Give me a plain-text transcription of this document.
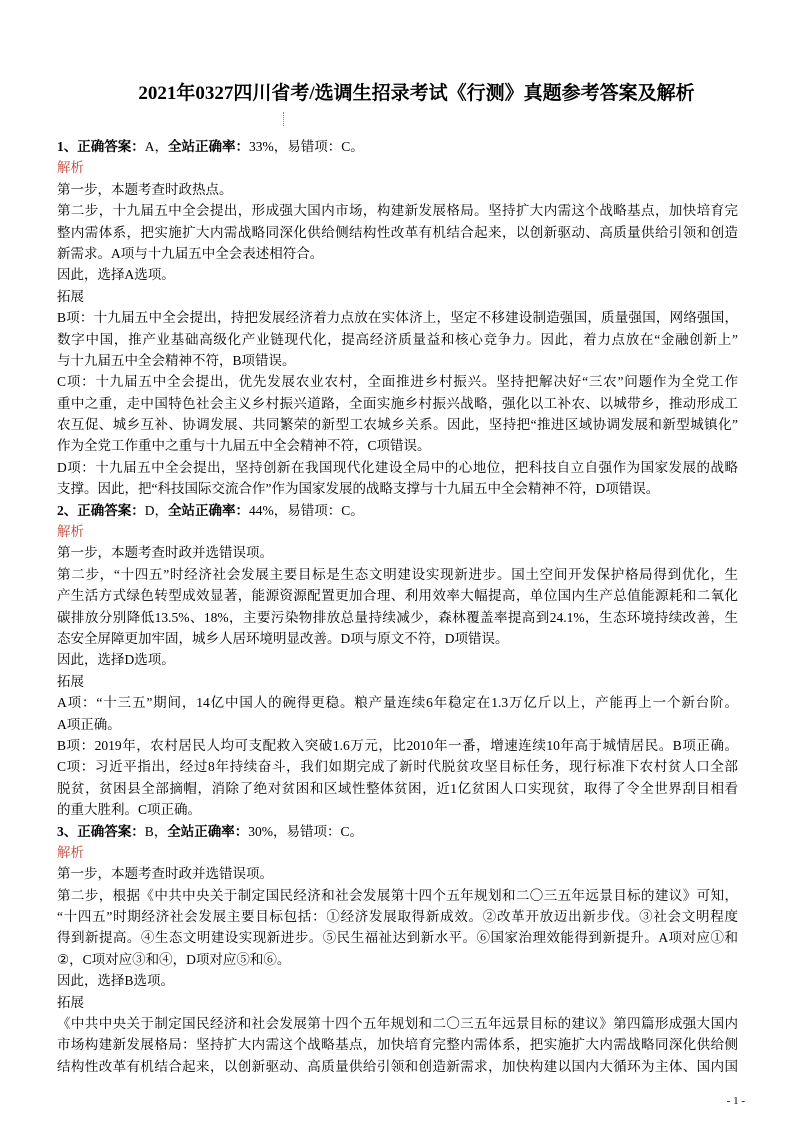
2021年0327四川省考/选调生招录考试《行测》真题参考答案及解析
1、正确答案：A，全站正确率：33%，易错项：C。
解析
第一步，本题考查时政热点。
第二步，十九届五中全会提出，形成强大国内市场，构建新发展格局。坚持扩大内需这个战略基点，加快培育完
整内需体系，把实施扩大内需战略同深化供给侧结构性改革有机结合起来，以创新驱动、高质量供给引领和创造
新需求。A项与十九届五中全会表述相符合。
因此，选择A选项。
拓展
B项：十九届五中全会提出，持把发展经济着力点放在实体济上，坚定不移建设制造强国，质量强国，网络强国，
数字中国，推产业基础高级化产业链现代化，提高经济质量益和核心竞争力。因此，着力点放在“金融创新上”
与十九届五中全会精神不符，B项错误。
C项：十九届五中全会提出，优先发展农业农村，全面推进乡村振兴。坚持把解决好“三农”问题作为全党工作
重中之重，走中国特色社会主义乡村振兴道路，全面实施乡村振兴战略，强化以工补农、以城带乡，推动形成工
农互促、城乡互补、协调发展、共同繁荣的新型工农城乡关系。因此，坚持把“推进区域协调发展和新型城镇化”
作为全党工作重中之重与十九届五中全会精神不符，C项错误。
D项：十九届五中全会提出，坚持创新在我国现代化建设全局中的心地位，把科技自立自强作为国家发展的战略
支撑。因此，把“科技国际交流合作”作为国家发展的战略支撑与十九届五中全会精神不符，D项错误。
2、正确答案：D，全站正确率：44%，易错项：C。
解析
第一步，本题考查时政并选错误项。
第二步，“十四五”时经济社会发展主要目标是生态文明建设实现新进步。国土空间开发保护格局得到优化，生
产生活方式绿色转型成效显著，能源资源配置更加合理、利用效率大幅提高，单位国内生产总值能源耗和二氧化
碳排放分别降低13.5%、18%，主要污染物排放总量持续减少，森林覆盖率提高到24.1%，生态环境持续改善，生
态安全屏障更加牢固，城乡人居环境明显改善。D项与原文不符，D项错误。
因此，选择D选项。
拓展
A项：“十三五”期间，14亿中国人的碗得更稳。粮产量连续6年稳定在1.3万亿斤以上，产能再上一个新台阶。
A项正确。
B项：2019年，农村居民人均可支配救入突破1.6万元，比2010年一番，增速连续10年高于城情居民。B项正确。
C项：习近平指出，经过8年持续奋斗，我们如期完成了新时代脱贫攻坚目标任务，现行标准下农村贫人口全部
脱贫，贫困县全部摘帽，消除了绝对贫困和区域性整体贫困，近1亿贫困人口实现贫，取得了令全世界刮目相看
的重大胜利。C项正确。
3、正确答案：B，全站正确率：30%，易错项：C。
解析
第一步，本题考查时政并选错误项。
第二步，根据《中共中央关于制定国民经济和社会发展第十四个五年规划和二〇三五年远景目标的建议》可知，
“十四五”时期经济社会发展主要目标包括：①经济发展取得新成效。②改革开放迈出新步伐。③社会文明程度
得到新提高。④生态文明建设实现新进步。⑤民生福祉达到新水平。⑥国家治理效能得到新提升。A项对应①和
②，C项对应③和④，D项对应⑤和⑥。
因此，选择B选项。
拓展
《中共中央关于制定国民经济和社会发展第十四个五年规划和二〇三五年远景目标的建议》第四篇形成强大国内
市场构建新发展格局：坚持扩大内需这个战略基点，加快培育完整内需体系，把实施扩大内需战略同深化供给侧
结构性改革有机结合起来，以创新驱动、高质量供给引领和创造新需求，加快构建以国内大循环为主体、国内国
- 1 -
